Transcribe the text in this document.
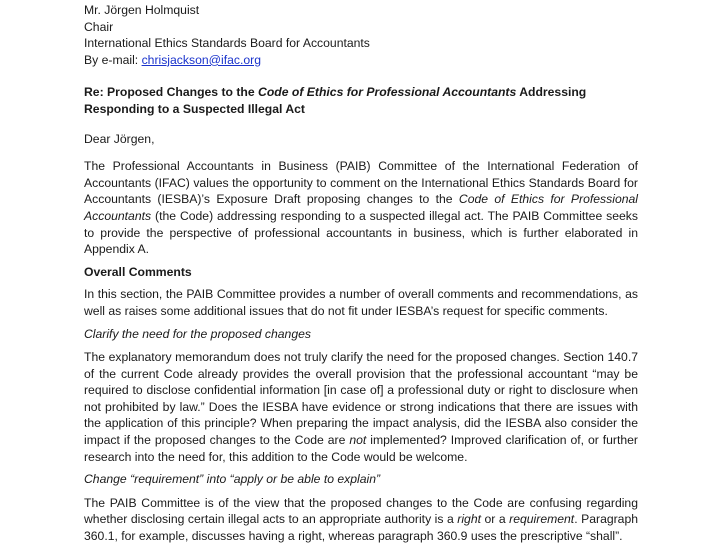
Mr. Jörgen Holmquist
Chair
International Ethics Standards Board for Accountants
By e-mail: chrisjackson@ifac.org
Re: Proposed Changes to the Code of Ethics for Professional Accountants Addressing Responding to a Suspected Illegal Act
Dear Jörgen,

The Professional Accountants in Business (PAIB) Committee of the International Federation of Accountants (IFAC) values the opportunity to comment on the International Ethics Standards Board for Accountants (IESBA)’s Exposure Draft proposing changes to the Code of Ethics for Professional Accountants (the Code) addressing responding to a suspected illegal act. The PAIB Committee seeks to provide the perspective of professional accountants in business, which is further elaborated in Appendix A.

Overall Comments

In this section, the PAIB Committee provides a number of overall comments and recommendations, as well as raises some additional issues that do not fit under IESBA’s request for specific comments.

Clarify the need for the proposed changes

The explanatory memorandum does not truly clarify the need for the proposed changes. Section 140.7 of the current Code already provides the overall provision that the professional accountant “may be required to disclose confidential information [in case of] a professional duty or right to disclosure when not prohibited by law.” Does the IESBA have evidence or strong indications that there are issues with the application of this principle? When preparing the impact analysis, did the IESBA also consider the impact if the proposed changes to the Code are not implemented? Improved clarification of, or further research into the need for, this addition to the Code would be welcome.

Change “requirement” into “apply or be able to explain”

The PAIB Committee is of the view that the proposed changes to the Code are confusing regarding whether disclosing certain illegal acts to an appropriate authority is a right or a requirement. Paragraph 360.1, for example, discusses having a right, whereas paragraph 360.9 uses the prescriptive “shall”.
